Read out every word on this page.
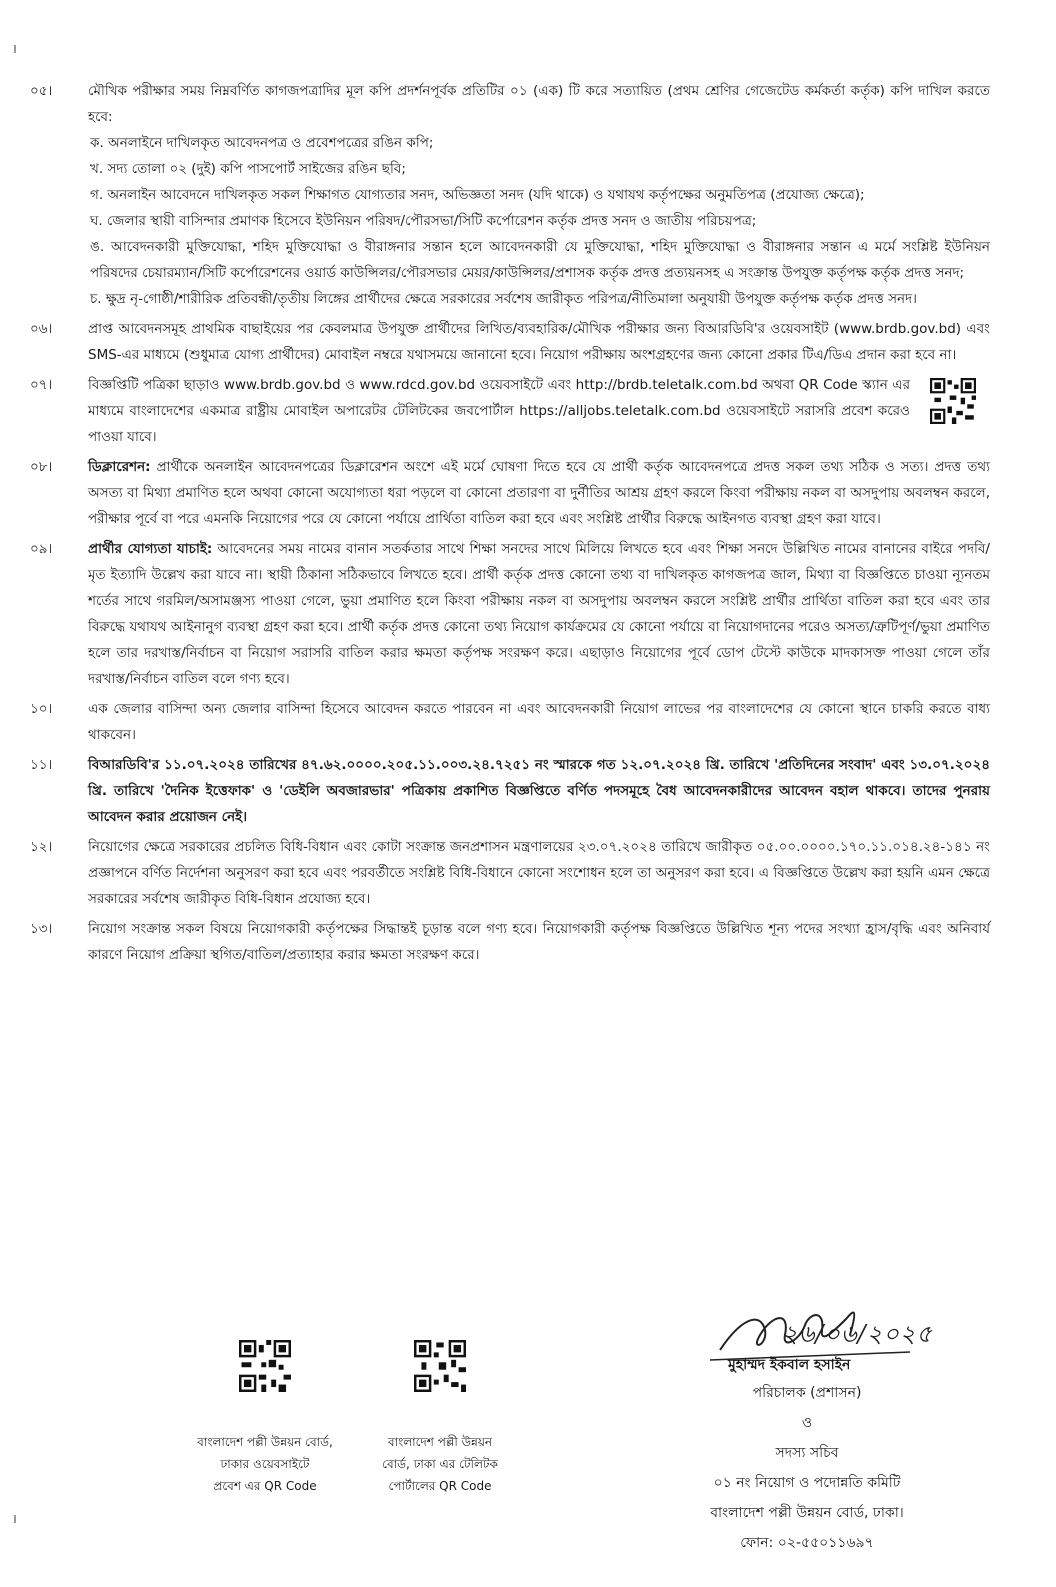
০৫।	মৌখিক পরীক্ষার সময় নিম্নবর্ণিত কাগজপত্রাদির মূল কপি প্রদর্শনপূর্বক প্রতিটির ০১ (এক) টি করে সত্যায়িত (প্রথম শ্রেণির গেজেটেড কর্মকর্তা কর্তৃক) কপি দাখিল করতে হবে:
ক. অনলাইনে দাখিলকৃত আবেদনপত্র ও প্রবেশপত্রের রঙিন কপি;
খ. সদ্য তোলা ০২ (দুই) কপি পাসপোর্ট সাইজের রঙিন ছবি;
গ. অনলাইন আবেদনে দাখিলকৃত সকল শিক্ষাগত যোগ্যতার সনদ, অভিজ্ঞতা সনদ (যদি থাকে) ও যথাযথ কর্তৃপক্ষের অনুমতিপত্র (প্রযোজ্য ক্ষেত্রে);
ঘ. জেলার স্থায়ী বাসিন্দার প্রমাণক হিসেবে ইউনিয়ন পরিষদ/পৌরসভা/সিটি কর্পোরেশন কর্তৃক প্রদত্ত সনদ ও জাতীয় পরিচয়পত্র;
ঙ. আবেদনকারী মুক্তিযোদ্ধা, শহিদ মুক্তিযোদ্ধা ও বীরাঙ্গনার সন্তান হলে আবেদনকারী যে মুক্তিযোদ্ধা, শহিদ মুক্তিযোদ্ধা ও বীরাঙ্গনার সন্তান এ মর্মে সংশ্লিষ্ট ইউনিয়ন পরিষদের চেয়ারম্যান/সিটি কর্পোরেশনের ওয়ার্ড কাউন্সিলর/পৌরসভার মেয়র/কাউন্সিলর/প্রশাসক কর্তৃক প্রদত্ত প্রত্যয়নসহ এ সংক্রান্ত উপযুক্ত কর্তৃপক্ষ কর্তৃক প্রদত্ত সনদ;
চ. ক্ষুদ্র নৃ-গোষ্ঠী/শারীরিক প্রতিবন্ধী/তৃতীয় লিঙ্গের প্রার্থীদের ক্ষেত্রে সরকারের সর্বশেষ জারীকৃত পরিপত্র/নীতিমালা অনুযায়ী উপযুক্ত কর্তৃপক্ষ কর্তৃক প্রদত্ত সনদ।
০৬।	প্রাপ্ত আবেদনসমূহ প্রাথমিক বাছাইয়ের পর কেবলমাত্র উপযুক্ত প্রার্থীদের লিখিত/ব্যবহারিক/মৌখিক পরীক্ষার জন্য বিআরডিবি'র ওয়েবসাইট (www.brdb.gov.bd) এবং SMS-এর মাধ্যমে (শুধুমাত্র যোগ্য প্রার্থীদের) মোবাইল নম্বরে যথাসময়ে জানানো হবে। নিয়োগ পরীক্ষায় অংশগ্রহণের জন্য কোনো প্রকার টিএ/ডিএ প্রদান করা হবে না।
০৭।	বিজ্ঞপ্তিটি পত্রিকা ছাড়াও www.brdb.gov.bd ও www.rdcd.gov.bd ওয়েবসাইটে এবং http://brdb.teletalk.com.bd অথবা QR Code স্ক্যান এর মাধ্যমে বাংলাদেশের একমাত্র রাষ্ট্রীয় মোবাইল অপারেটর টেলিটকের জবপোর্টাল https://alljobs.teletalk.com.bd ওয়েবসাইটে সরাসরি প্রবেশ করেও পাওয়া যাবে।
০৮।	ডিক্লারেশন: প্রার্থীকে অনলাইন আবেদনপত্রের ডিক্লারেশন অংশে এই মর্মে ঘোষণা দিতে হবে যে প্রার্থী কর্তৃক আবেদনপত্রে প্রদত্ত সকল তথ্য সঠিক ও সত্য। প্রদত্ত তথ্য অসত্য বা মিথ্যা প্রমাণিত হলে অথবা কোনো অযোগ্যতা ধরা পড়লে বা কোনো প্রতারণা বা দুর্নীতির আশ্রয় গ্রহণ করলে কিংবা পরীক্ষায় নকল বা অসদুপায় অবলম্বন করলে, পরীক্ষার পূর্বে বা পরে এমনকি নিয়োগের পরে যে কোনো পর্যায়ে প্রার্থিতা বাতিল করা হবে এবং সংশ্লিষ্ট প্রার্থীর বিরুদ্ধে আইনগত ব্যবস্থা গ্রহণ করা যাবে।
০৯।	প্রার্থীর যোগ্যতা যাচাই: আবেদনের সময় নামের বানান সতর্কতার সাথে শিক্ষা সনদের সাথে মিলিয়ে লিখতে হবে এবং শিক্ষা সনদে উল্লিখিত নামের বানানের বাইরে পদবি/মৃত ইত্যাদি উল্লেখ করা যাবে না। স্থায়ী ঠিকানা সঠিকভাবে লিখতে হবে। প্রার্থী কর্তৃক প্রদত্ত কোনো তথ্য বা দাখিলকৃত কাগজপত্র জাল, মিথ্যা বা বিজ্ঞপ্তিতে চাওয়া ন্যূনতম শর্তের সাথে গরমিল/অসামঞ্জস্য পাওয়া গেলে, ভুয়া প্রমাণিত হলে কিংবা পরীক্ষায় নকল বা অসদুপায় অবলম্বন করলে সংশ্লিষ্ট প্রার্থীর প্রার্থিতা বাতিল করা হবে এবং তার বিরুদ্ধে যথাযথ আইনানুগ ব্যবস্থা গ্রহণ করা হবে। প্রার্থী কর্তৃক প্রদত্ত কোনো তথ্য নিয়োগ কার্যক্রমের যে কোনো পর্যায়ে বা নিয়োগদানের পরেও অসত্য/ত্রুটিপূর্ণ/ভুয়া প্রমাণিত হলে তার দরখাস্ত/নির্বাচন বা নিয়োগ সরাসরি বাতিল করার ক্ষমতা কর্তৃপক্ষ সংরক্ষণ করে। এছাড়াও নিয়োগের পূর্বে ডোপ টেস্টে কাউকে মাদকাসক্ত পাওয়া গেলে তাঁর দরখাস্ত/নির্বাচন বাতিল বলে গণ্য হবে।
১০।	এক জেলার বাসিন্দা অন্য জেলার বাসিন্দা হিসেবে আবেদন করতে পারবেন না এবং আবেদনকারী নিয়োগ লাভের পর বাংলাদেশের যে কোনো স্থানে চাকরি করতে বাধ্য থাকবেন।
১১।	বিআরডিবি'র ১১.০৭.২০২৪ তারিখের ৪৭.৬২.০০০০.২০৫.১১.০০৩.২৪.৭২৫১ নং স্মারকে গত ১২.০৭.২০২৪ খ্রি. তারিখে 'প্রতিদিনের সংবাদ' এবং ১৩.০৭.২০২৪ খ্রি. তারিখে 'দৈনিক ইত্তেফাক' ও 'ডেইলি অবজারভার' পত্রিকায় প্রকাশিত বিজ্ঞপ্তিতে বর্ণিত পদসমূহে বৈধ আবেদনকারীদের আবেদন বহাল থাকবে। তাদের পুনরায় আবেদন করার প্রয়োজন নেই।
১২।	নিয়োগের ক্ষেত্রে সরকারের প্রচলিত বিধি-বিধান এবং কোটা সংক্রান্ত জনপ্রশাসন মন্ত্রণালয়ের ২৩.০৭.২০২৪ তারিখে জারীকৃত ০৫.০০.০০০০.১৭০.১১.০১৪.২৪-১৪১ নং প্রজ্ঞাপনে বর্ণিত নির্দেশনা অনুসরণ করা হবে এবং পরবর্তীতে সংশ্লিষ্ট বিধি-বিধানে কোনো সংশোধন হলে তা অনুসরণ করা হবে। এ বিজ্ঞপ্তিতে উল্লেখ করা হয়নি এমন ক্ষেত্রে সরকারের সর্বশেষ জারীকৃত বিধি-বিধান প্রযোজ্য হবে।
১৩।	নিয়োগ সংক্রান্ত সকল বিষয়ে নিয়োগকারী কর্তৃপক্ষের সিদ্ধান্তই চূড়ান্ত বলে গণ্য হবে। নিয়োগকারী কর্তৃপক্ষ বিজ্ঞপ্তিতে উল্লিখিত শূন্য পদের সংখ্যা হ্রাস/বৃদ্ধি এবং অনিবার্য কারণে নিয়োগ প্রক্রিয়া স্থগিত/বাতিল/প্রত্যাহার করার ক্ষমতা সংরক্ষণ করে।
বাংলাদেশ পল্লী উন্নয়ন বোর্ড,
ঢাকার ওয়েবসাইটে
প্রবেশ এর QR Code
বাংলাদেশ পল্লী উন্নয়ন
বোর্ড, ঢাকা এর টেলিটক
পোর্টালের QR Code
২৬/০৬/২০২৫
মুহাম্মদ ইকবাল হসাইন
পরিচালক (প্রশাসন)
ও
সদস্য সচিব
০১ নং নিয়োগ ও পদোন্নতি কমিটি
বাংলাদেশ পল্লী উন্নয়ন বোর্ড, ঢাকা।
ফোন: ০২-৫৫০১১৬৯৭
